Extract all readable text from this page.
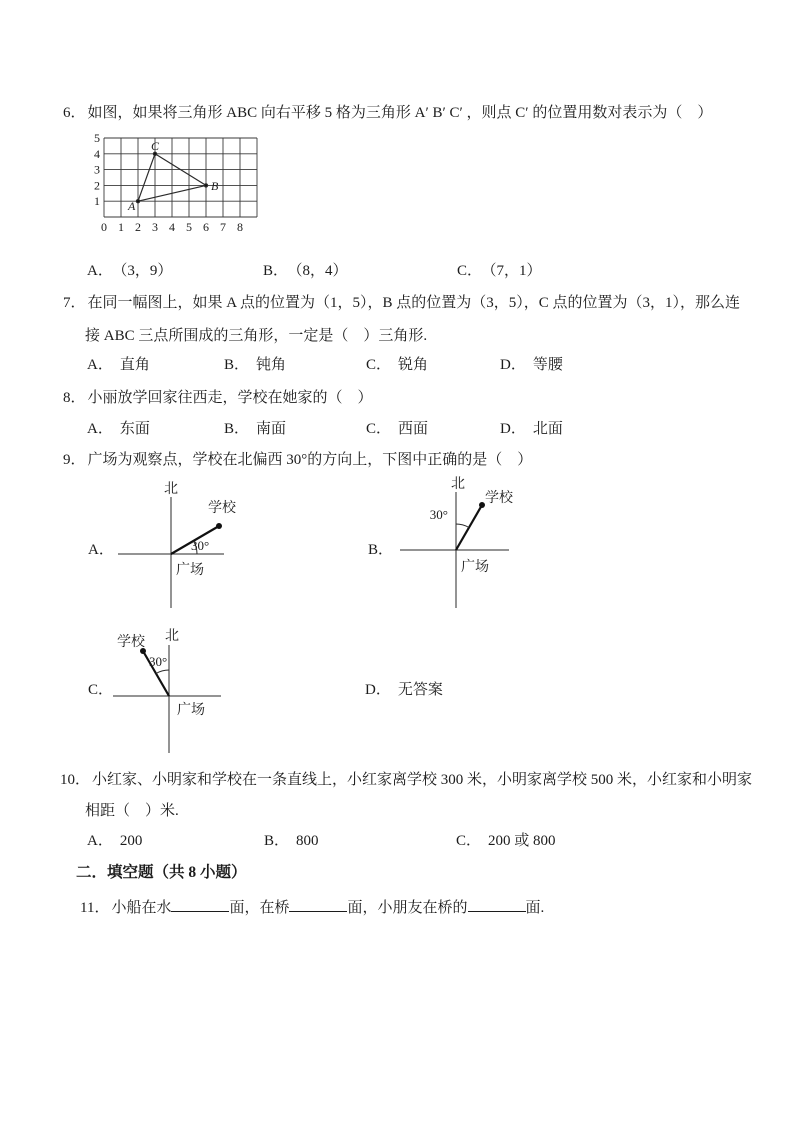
6． 如图，如果将三角形 ABC 向右平移 5 格为三角形 A′ B′ C′ ，则点 C′ 的位置用数对表示为（    ）
A
B
C
0 1 2 3 4 5 6 7 8
1
2
3
4
5
A． （3，9）	B． （8，4）	C． （7，1）
7． 在同一幅图上，如果 A 点的位置为（1，5），B 点的位置为（3，5），C 点的位置为（3，1），那么连
接 ABC 三点所围成的三角形，一定是（    ）三角形.
A． 直角	B． 钝角	C． 锐角	D． 等腰
8． 小丽放学回家往西走，学校在她家的（    ）
A． 东面	B． 南面	C． 西面	D． 北面
9． 广场为观察点，学校在北偏西 30°的方向上，下图中正确的是（    ）
A．	B．
C．	D． 无答案
北
学校
30°
广场
北
学校
30°
广场
北
学校
30°
广场
10． 小红家、小明家和学校在一条直线上，小红家离学校 300 米，小明家离学校 500 米，小红家和小明家
相距（    ）米.
A． 200	B． 800	C． 200 或 800
二．填空题（共 8 小题）
11． 小船在水	面，在桥	面，小朋友在桥的	面.
